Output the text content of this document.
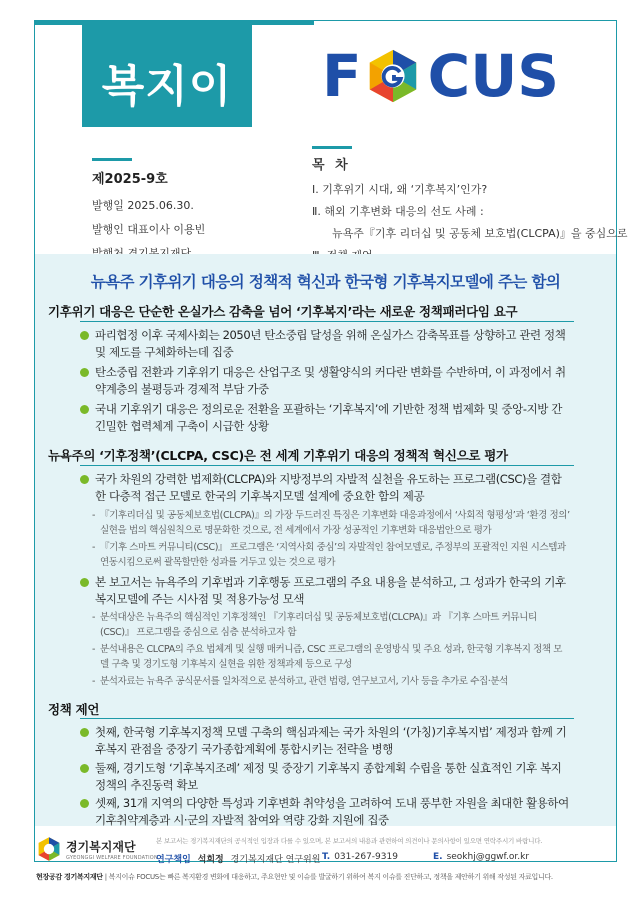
복지이슈
F CUS
제2025-9호
발행일 2025.06.30.
발행인 대표이사 이용빈
목 차
Ⅰ. 기후위기 시대, 왜 ‘기후복지’인가?
Ⅱ. 해외 기후변화 대응의 선도 사례 :
뉴욕주『기후 리더십 및 공동체 보호법(CLCPA)』을 중심으로
뉴욕주 기후위기 대응의 정책적 혁신과 한국형 기후복지모델에 주는 함의
기후위기 대응은 단순한 온실가스 감축을 넘어 ‘기후복지’라는 새로운 정책패러다임 요구
파리협정 이후 국제사회는 2050년 탄소중립 달성을 위해 온실가스 감축목표를 상향하고 관련 정책 및 제도를 구체화하는데 집중
탄소중립 전환과 기후위기 대응은 산업구조 및 생활양식의 커다란 변화를 수반하며, 이 과정에서 취약계층의 불평등과 경제적 부담 가중
국내 기후위기 대응은 정의로운 전환을 포괄하는 ‘기후복지’에 기반한 정책 법제화 및 중앙-지방 간 긴밀한 협력체계 구축이 시급한 상황
뉴욕주의 ‘기후정책’(CLCPA, CSC)은 전 세계 기후위기 대응의 정책적 혁신으로 평가
국가 차원의 강력한 법제화(CLCPA)와 지방정부의 자발적 실천을 유도하는 프로그램(CSC)을 결합한 다층적 접근 모델로 한국의 기후복지모델 설계에 중요한 함의 제공
- 『기후리더십 및 공동체보호법(CLCPA)』의 가장 두드러진 특징은 기후변화 대응과정에서 ‘사회적 형평성’과 ‘환경 정의’ 실현을 법의 핵심원칙으로 명문화한 것으로, 전 세계에서 가장 성공적인 기후변화 대응법안으로 평가
- 『기후 스마트 커뮤니티(CSC)』 프로그램은 ‘지역사회 중심’의 자발적인 참여모델로, 주정부의 포괄적인 지원 시스템과 연동시킴으로써 괄목할만한 성과를 거두고 있는 것으로 평가
본 보고서는 뉴욕주의 기후법과 기후행동 프로그램의 주요 내용을 분석하고, 그 성과가 한국의 기후복지모델에 주는 시사점 및 적용가능성 모색
- 분석대상은 뉴욕주의 핵심적인 기후정책인 『기후리더십 및 공동체보호법(CLCPA)』과 『기후 스마트 커뮤니티(CSC)』 프로그램을 중심으로 심층 분석하고자 함
- 분석내용은 CLCPA의 주요 법체계 및 실행 매커니즘, CSC 프로그램의 운영방식 및 주요 성과, 한국형 기후복지 정책 모델 구축 및 경기도형 기후복지 실현을 위한 정책과제 등으로 구성
- 분석자료는 뉴욕주 공식문서를 일차적으로 분석하고, 관련 법령, 연구보고서, 기사 등을 추가로 수집·분석
정책 제언
첫째, 한국형 기후복지정책 모델 구축의 핵심과제는 국가 차원의 ‘(가칭)기후복지법’ 제정과 함께 기후복지 관점을 중장기 국가종합계획에 통합시키는 전략을 병행
둘째, 경기도형 ‘기후복지조례’ 제정 및 중장기 기후복지 종합계획 수립을 통한 실효적인 기후 복지정책의 추진동력 확보
셋째, 31개 지역의 다양한 특성과 기후변화 취약성을 고려하여 도내 풍부한 자원을 최대한 활용하여 기후취약계층과 시·군의 자발적 참여와 역량 강화 지원에 집중
경기복지재단
GYEONGGI WELFARE FOUNDATION
본 보고서는 경기복지재단의 공식적인 입장과 다를 수 있으며, 본 보고서의 내용과 관련하여 의견이나 문의사항이 있으면 연락주시기 바랍니다.
연구책임 석희정 경기복지재단 연구위원 T. 031-267-9319	E. seokhj@ggwf.or.kr
현장공감 경기복지재단 | 복지이슈 FOCUS는 빠른 복지환경 변화에 대응하고, 주요현안 및 이슈를 발굴하기 위하여 복지 이슈를 진단하고, 정책을 제안하기 위해 작성된 자료입니다.
